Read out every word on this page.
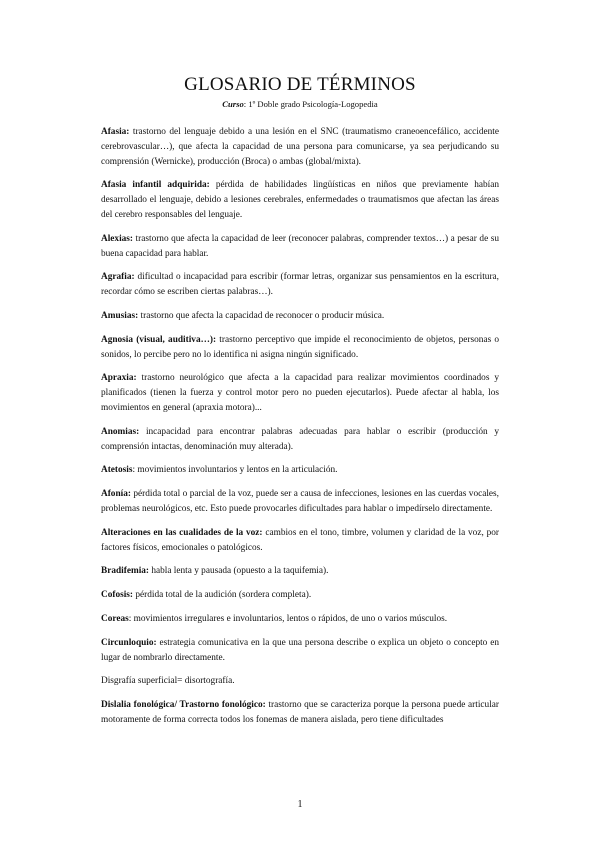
GLOSARIO DE TÉRMINOS
Curso: 1º Doble grado Psicología-Logopedia

Afasia: trastorno del lenguaje debido a una lesión en el SNC (traumatismo craneoencefálico, accidente cerebrovascular…), que afecta la capacidad de una persona para comunicarse, ya sea perjudicando su comprensión (Wernicke), producción (Broca) o ambas (global/mixta).

Afasia infantil adquirida: pérdida de habilidades lingüísticas en niños que previamente habían desarrollado el lenguaje, debido a lesiones cerebrales, enfermedades o traumatismos que afectan las áreas del cerebro responsables del lenguaje.

Alexias: trastorno que afecta la capacidad de leer (reconocer palabras, comprender textos…) a pesar de su buena capacidad para hablar.

Agrafia: dificultad o incapacidad para escribir (formar letras, organizar sus pensamientos en la escritura, recordar cómo se escriben ciertas palabras…).

Amusias: trastorno que afecta la capacidad de reconocer o producir música.

Agnosia (visual, auditiva…): trastorno perceptivo que impide el reconocimiento de objetos, personas o sonidos, lo percibe pero no lo identifica ni asigna ningún significado.

Apraxia: trastorno neurológico que afecta a la capacidad para realizar movimientos coordinados y planificados (tienen la fuerza y control motor pero no pueden ejecutarlos). Puede afectar al habla, los movimientos en general (apraxia motora)...

Anomias: incapacidad para encontrar palabras adecuadas para hablar o escribir (producción y comprensión intactas, denominación muy alterada).

Atetosis: movimientos involuntarios y lentos en la articulación.

Afonía: pérdida total o parcial de la voz, puede ser a causa de infecciones, lesiones en las cuerdas vocales, problemas neurológicos, etc. Esto puede provocarles dificultades para hablar o impedírselo directamente.

Alteraciones en las cualidades de la voz: cambios en el tono, timbre, volumen y claridad de la voz, por factores físicos, emocionales o patológicos.

Bradifemia: habla lenta y pausada (opuesto a la taquifemia).

Cofosis: pérdida total de la audición (sordera completa).

Coreas: movimientos irregulares e involuntarios, lentos o rápidos, de uno o varios músculos.

Circunloquio: estrategia comunicativa en la que una persona describe o explica un objeto o concepto en lugar de nombrarlo directamente.

Disgrafía superficial= disortografía.

Dislalia fonológica/ Trastorno fonológico: trastorno que se caracteriza porque la persona puede articular motoramente de forma correcta todos los fonemas de manera aislada, pero tiene dificultades

1
